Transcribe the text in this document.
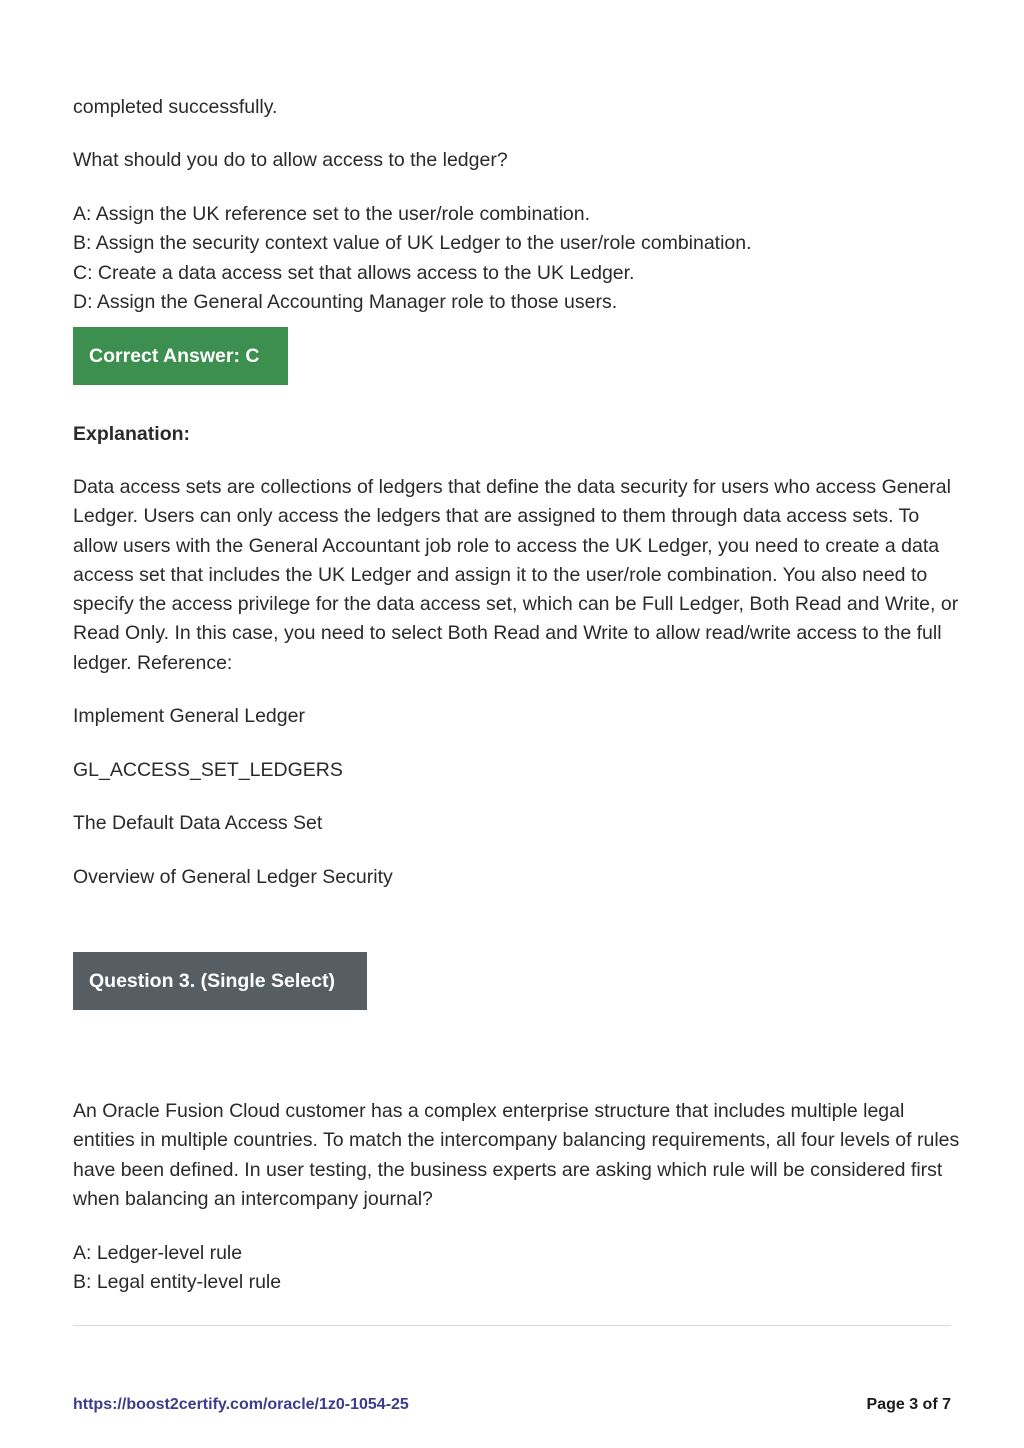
completed successfully.
What should you do to allow access to the ledger?
A: Assign the UK reference set to the user/role combination.
B: Assign the security context value of UK Ledger to the user/role combination.
C: Create a data access set that allows access to the UK Ledger.
D: Assign the General Accounting Manager role to those users.
Correct Answer: C
Explanation:
Data access sets are collections of ledgers that define the data security for users who access General Ledger. Users can only access the ledgers that are assigned to them through data access sets. To allow users with the General Accountant job role to access the UK Ledger, you need to create a data access set that includes the UK Ledger and assign it to the user/role combination. You also need to specify the access privilege for the data access set, which can be Full Ledger, Both Read and Write, or Read Only. In this case, you need to select Both Read and Write to allow read/write access to the full ledger. Reference:
Implement General Ledger
GL_ACCESS_SET_LEDGERS
The Default Data Access Set
Overview of General Ledger Security
Question 3. (Single Select)
An Oracle Fusion Cloud customer has a complex enterprise structure that includes multiple legal entities in multiple countries. To match the intercompany balancing requirements, all four levels of rules have been defined. In user testing, the business experts are asking which rule will be considered first when balancing an intercompany journal?
A: Ledger-level rule
B: Legal entity-level rule
https://boost2certify.com/oracle/1z0-1054-25	Page 3 of 7
